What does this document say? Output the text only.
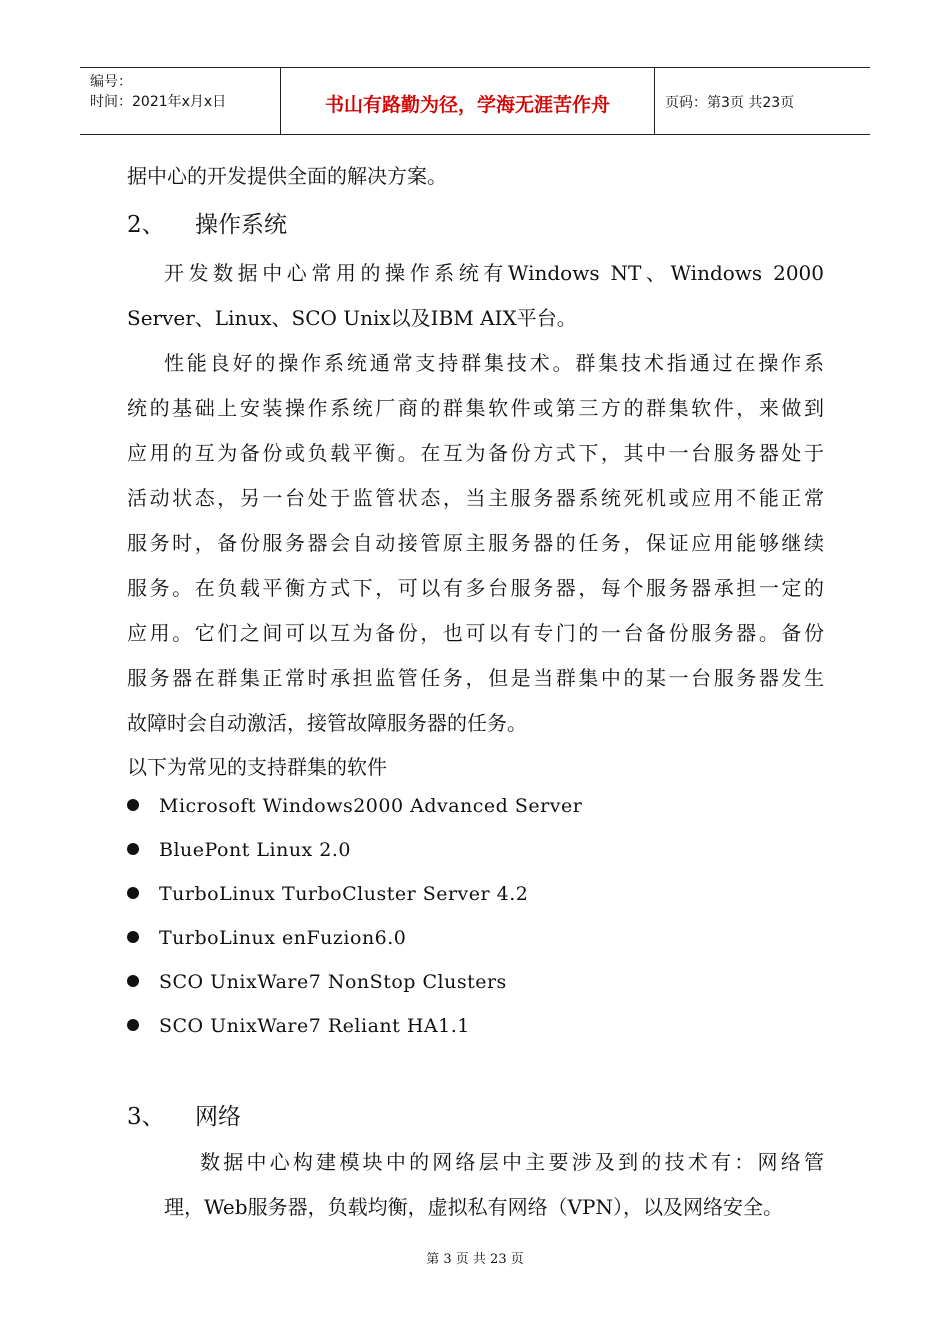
编号：
时间：2021年x月x日	书山有路勤为径，学海无涯苦作舟	页码：第3页 共23页
据中心的开发提供全面的解决方案。
2、 操作系统
开发数据中心常用的操作系统有Windows NT、Windows 2000
Server、Linux、SCO Unix以及IBM AIX平台。
性能良好的操作系统通常支持群集技术。群集技术指通过在操作系
统的基础上安装操作系统厂商的群集软件或第三方的群集软件，来做到
应用的互为备份或负载平衡。在互为备份方式下，其中一台服务器处于
活动状态，另一台处于监管状态，当主服务器系统死机或应用不能正常
服务时，备份服务器会自动接管原主服务器的任务，保证应用能够继续
服务。在负载平衡方式下，可以有多台服务器，每个服务器承担一定的
应用。它们之间可以互为备份，也可以有专门的一台备份服务器。备份
服务器在群集正常时承担监管任务，但是当群集中的某一台服务器发生
故障时会自动激活，接管故障服务器的任务。
以下为常见的支持群集的软件
Microsoft Windows2000 Advanced Server
BluePont Linux 2.0
TurboLinux TurboCluster Server 4.2
TurboLinux enFuzion6.0
SCO UnixWare7 NonStop Clusters
SCO UnixWare7 Reliant HA1.1
3、 网络
数据中心构建模块中的网络层中主要涉及到的技术有：网络管
理，Web服务器，负载均衡，虚拟私有网络（VPN），以及网络安全。
第 3 页 共 23 页
